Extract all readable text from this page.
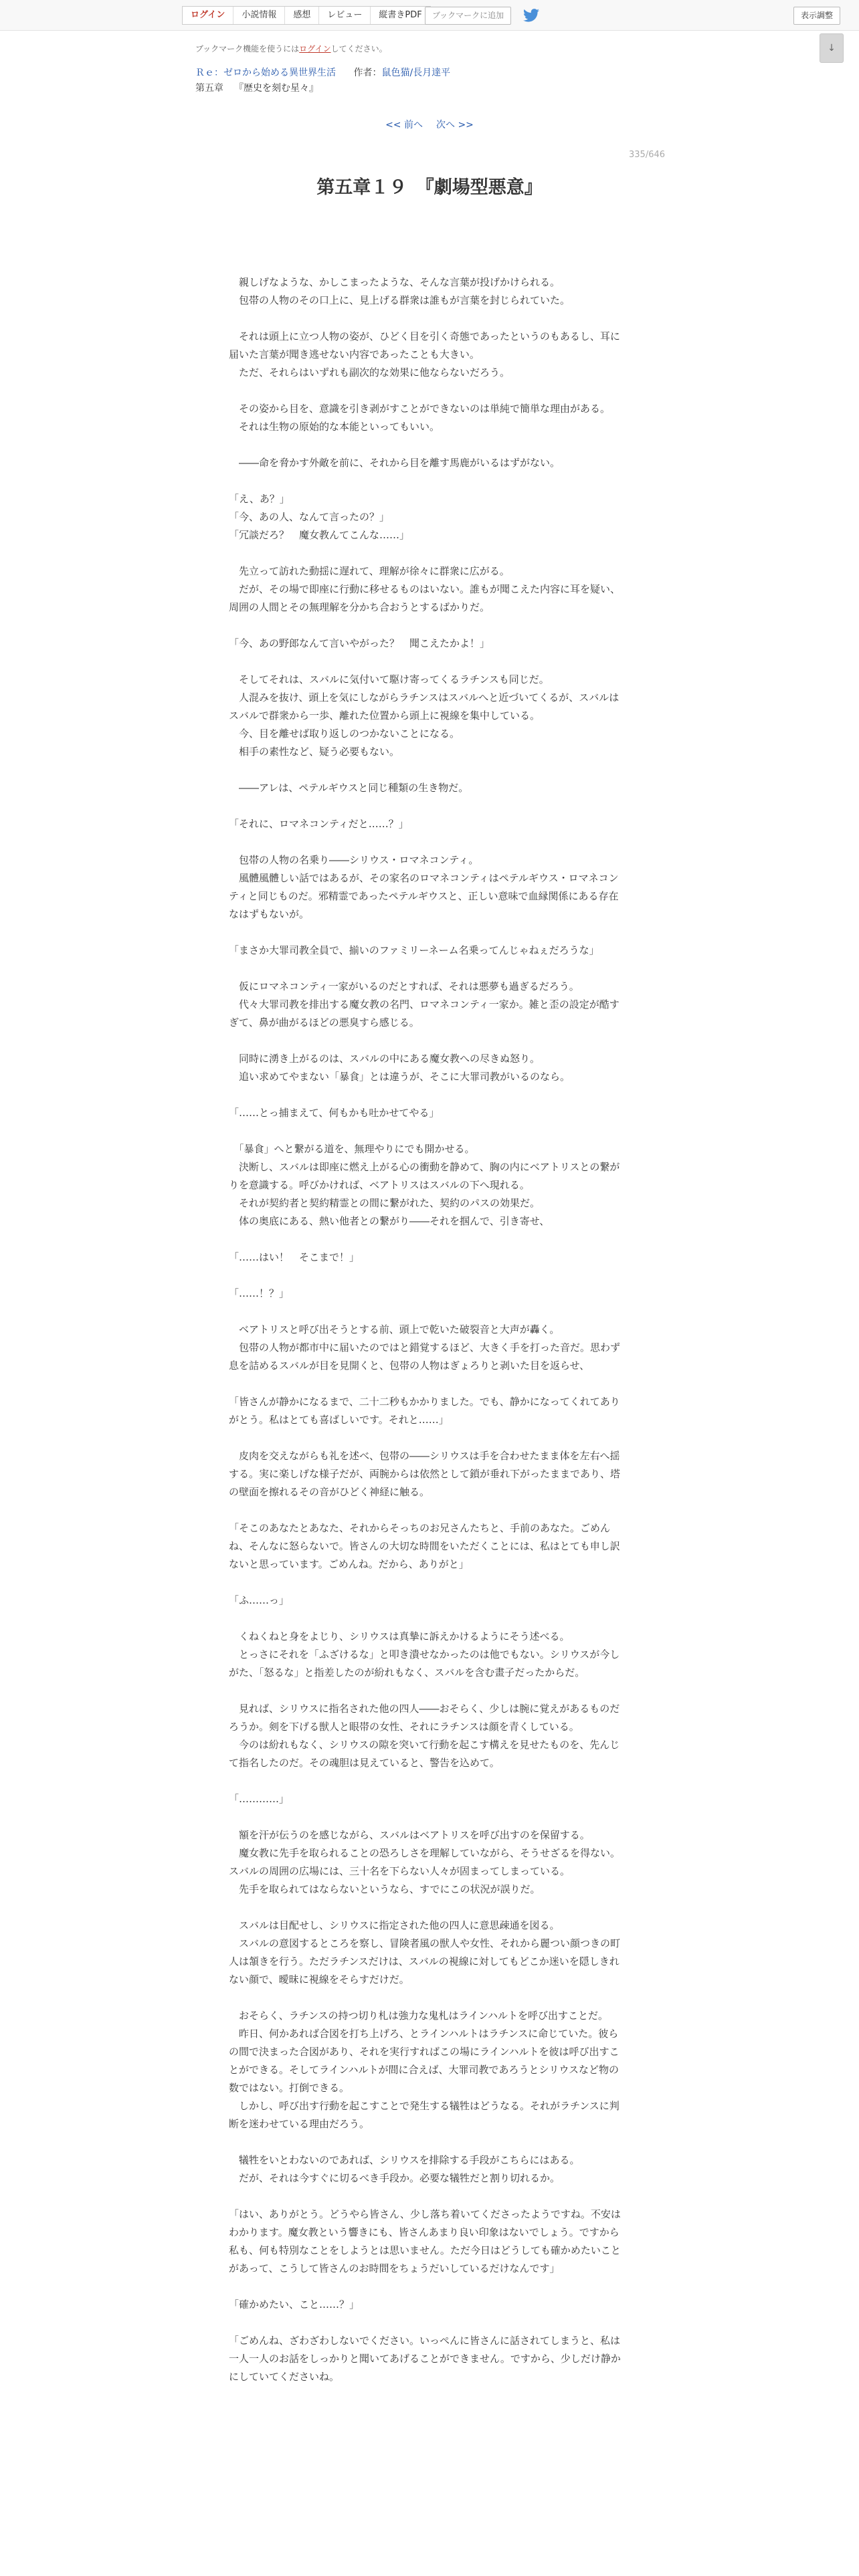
ログイン	小説情報	感想	レビュー	縦書きPDF	ブックマークに追加	表示調整
↓
ブックマーク機能を使うにはログインしてください。
Ｒｅ：ゼロから始める異世界生活 作者：鼠色猫/長月達平
第五章 『歴史を刻む星々』
<< 前へ 次へ >>
335/646
第五章１９　『劇場型悪意』

　親しげなような、かしこまったような、そんな言葉が投げかけられる。

　包帯の人物のその口上に、見上げる群衆は誰もが言葉を封じられていた。

　それは頭上に立つ人物の姿が、ひどく目を引く奇態であったというのもあるし、耳に届いた言葉が聞き逃せない内容であったことも大きい。

　ただ、それらはいずれも副次的な効果に他ならないだろう。

　その姿から目を、意識を引き剥がすことができないのは単純で簡単な理由がある。

　それは生物の原始的な本能といってもいい。

　――命を脅かす外敵を前に、それから目を離す馬鹿がいるはずがない。

「え、あ？」

「今、あの人、なんて言ったの？」

「冗談だろ？　魔女教んてこんな……」

　先立って訪れた動揺に遅れて、理解が徐々に群衆に広がる。

　だが、その場で即座に行動に移せるものはいない。誰もが聞こえた内容に耳を疑い、周囲の人間とその無理解を分かち合おうとするばかりだ。

「今、あの野郎なんて言いやがった？　聞こえたかよ！」

　そしてそれは、スバルに気付いて駆け寄ってくるラチンスも同じだ。

　人混みを抜け、頭上を気にしながらラチンスはスバルへと近づいてくるが、スバルはスバルで群衆から一歩、離れた位置から頭上に視線を集中している。

　今、目を離せば取り返しのつかないことになる。

　相手の素性など、疑う必要もない。

　――アレは、ペテルギウスと同じ種類の生き物だ。

「それに、ロマネコンティだと……？」

　包帯の人物の名乗り――シリウス・ロマネコンティ。

　風體風體しい話ではあるが、その家名のロマネコンティはペテルギウス・ロマネコンティと同じものだ。邪精霊であったペテルギウスと、正しい意味で血縁関係にある存在なはずもないが。

「まさか大罪司教全員で、揃いのファミリーネーム名乗ってんじゃねぇだろうな」

　仮にロマネコンティ一家がいるのだとすれば、それは悪夢も過ぎるだろう。

　代々大罪司教を排出する魔女教の名門、ロマネコンティ一家か。雑と歪の設定が酷すぎて、鼻が曲がるほどの悪臭すら感じる。

　同時に湧き上がるのは、スバルの中にある魔女教への尽きぬ怒り。

　追い求めてやまない「暴食」とは違うが、そこに大罪司教がいるのなら。

「……とっ捕まえて、何もかも吐かせてやる」

　「暴食」へと繋がる道を、無理やりにでも開かせる。

　決断し、スバルは即座に燃え上がる心の衝動を静めて、胸の内にベアトリスとの繋がりを意識する。呼びかければ、ベアトリスはスバルの下へ現れる。

　それが契約者と契約精霊との間に繋がれた、契約のパスの効果だ。

　体の奥底にある、熱い他者との繋がり――それを掴んで、引き寄せ、

「……はい！　そこまで！」

「……！？」

　ベアトリスと呼び出そうとする前、頭上で乾いた破裂音と大声が轟く。

　包帯の人物が都市中に届いたのではと錯覚するほど、大きく手を打った音だ。思わず息を詰めるスバルが目を見開くと、包帯の人物はぎょろりと剥いた目を返らせ、

「皆さんが静かになるまで、二十二秒もかかりました。でも、静かになってくれてありがとう。私はとても喜ばしいです。それと……」

　皮肉を交えながらも礼を述べ、包帯の――シリウスは手を合わせたまま体を左右へ揺する。実に楽しげな様子だが、両腕からは依然として鎖が垂れ下がったままであり、塔の壁面を擦れるその音がひどく神経に触る。

「そこのあなたとあなた、それからそっちのお兄さんたちと、手前のあなた。ごめんね、そんなに怒らないで。皆さんの大切な時間をいただくことには、私はとても申し訳ないと思っています。ごめんね。だから、ありがと」

「ふ……っ」

　くねくねと身をよじり、シリウスは真摯に訴えかけるようにそう述べる。

　とっさにそれを「ふざけるな」と叩き潰せなかったのは他でもない。シリウスが今しがた、「怒るな」と指差したのが紛れもなく、スバルを含む畫子だったからだ。

　見れば、シリウスに指名された他の四人――おそらく、少しは腕に覚えがあるものだろうか。剣を下げる獣人と眼帯の女性、それにラチンスは顔を青くしている。

　今のは紛れもなく、シリウスの隙を突いて行動を起こす構えを見せたものを、先んじて指名したのだ。その魂胆は見えていると、警告を込めて。

「…………」

　額を汗が伝うのを感じながら、スバルはベアトリスを呼び出すのを保留する。

　魔女教に先手を取られることの恐ろしさを理解していながら、そうせざるを得ない。スバルの周囲の広場には、三十名を下らない人々が固まってしまっている。

　先手を取られてはならないというなら、すでにこの状況が誤りだ。

　スバルは目配せし、シリウスに指定された他の四人に意思疎通を図る。

　スバルの意図するところを察し、冒険者風の獣人や女性、それから麗つい顔つきの町人は頷きを行う。ただラチンスだけは、スバルの視線に対してもどこか迷いを隠しきれない顔で、曖昧に視線をそらすだけだ。

　おそらく、ラチンスの持つ切り札は強力な鬼札はラインハルトを呼び出すことだ。

　昨日、何かあれば合図を打ち上げろ、とラインハルトはラチンスに命じていた。彼らの間で決まった合図があり、それを実行すればこの場にラインハルトを彼は呼び出すことができる。そしてラインハルトが間に合えば、大罪司教であろうとシリウスなど物の数ではない。打倒できる。

　しかし、呼び出す行動を起こすことで発生する犠牲はどうなる。それがラチンスに判断を迷わせている理由だろう。

　犠牲をいとわないのであれば、シリウスを排除する手段がこちらにはある。

　だが、それは今すぐに切るべき手段か。必要な犠牲だと割り切れるか。

「はい、ありがとう。どうやら皆さん、少し落ち着いてくださったようですね。不安はわかります。魔女教という響きにも、皆さんあまり良い印象はないでしょう。ですから私も、何も特別なことをしようとは思いません。ただ今日はどうしても確かめたいことがあって、こうして皆さんのお時間をちょうだいしているだけなんです」

「確かめたい、こと……？」

「ごめんね、ざわざわしないでください。いっぺんに皆さんに話されてしまうと、私は一人一人のお話をしっかりと聞いてあげることができません。ですから、少しだけ静かにしていてくださいね。
